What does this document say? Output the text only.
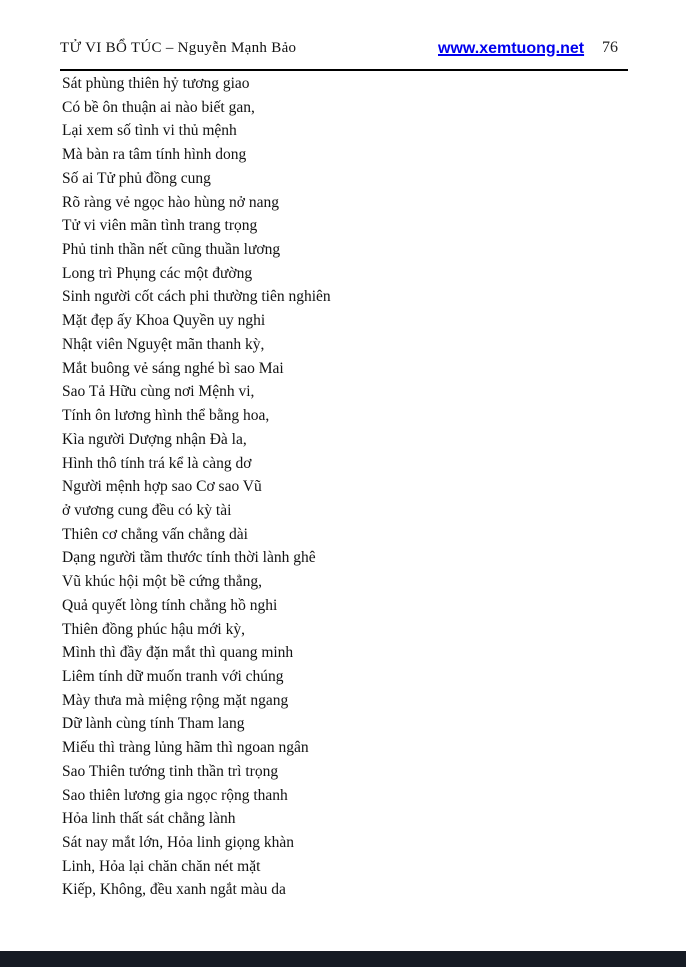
TỬ VI BỔ TÚC – Nguyễn Mạnh Bảo	www.xemtuong.net 76
Sát phùng thiên hỷ tương giao
Có bề ôn thuận ai nào biết gan,
Lại xem số tình vi thủ mệnh
Mà bàn ra tâm tính hình dong
Số ai Tử phủ đồng cung
Rõ ràng vẻ ngọc hào hùng nở nang
Tử vi viên mãn tình trang trọng
Phủ tinh thần nết cũng thuần lương
Long trì Phụng các một đường
Sinh người cốt cách phi thường tiên nghiên
Mặt đẹp ấy Khoa Quyền uy nghi
Nhật viên Nguyệt mãn thanh kỳ,
Mắt buông vẻ sáng nghé bì sao Mai
Sao Tả Hữu cùng nơi Mệnh vi,
Tính ôn lương hình thể bằng hoa,
Kìa người Dượng nhận Đà la,
Hình thô tính trá kể là càng dơ
Người mệnh hợp sao Cơ sao Vũ
ở vương cung đều có kỳ tài
Thiên cơ chẳng vấn chẳng dài
Dạng người tầm thước tính thời lành ghê
Vũ khúc hội một bề cứng thẳng,
Quả quyết lòng tính chẳng hồ nghi
Thiên đồng phúc hậu mới kỳ,
Mình thì đầy đặn mắt thì quang minh
Liêm tính dữ muốn tranh với chúng
Mày thưa mà miệng rộng mặt ngang
Dữ lành cùng tính Tham lang
Miếu thì tràng lủng hãm thì ngoan ngân
Sao Thiên tướng tinh thần trì trọng
Sao thiên lương gia ngọc rộng thanh
Hỏa linh thất sát chẳng lành
Sát nay mắt lớn, Hỏa linh giọng khàn
Linh, Hỏa lại chăn chăn nét mặt
Kiếp, Không, đều xanh ngắt màu da
